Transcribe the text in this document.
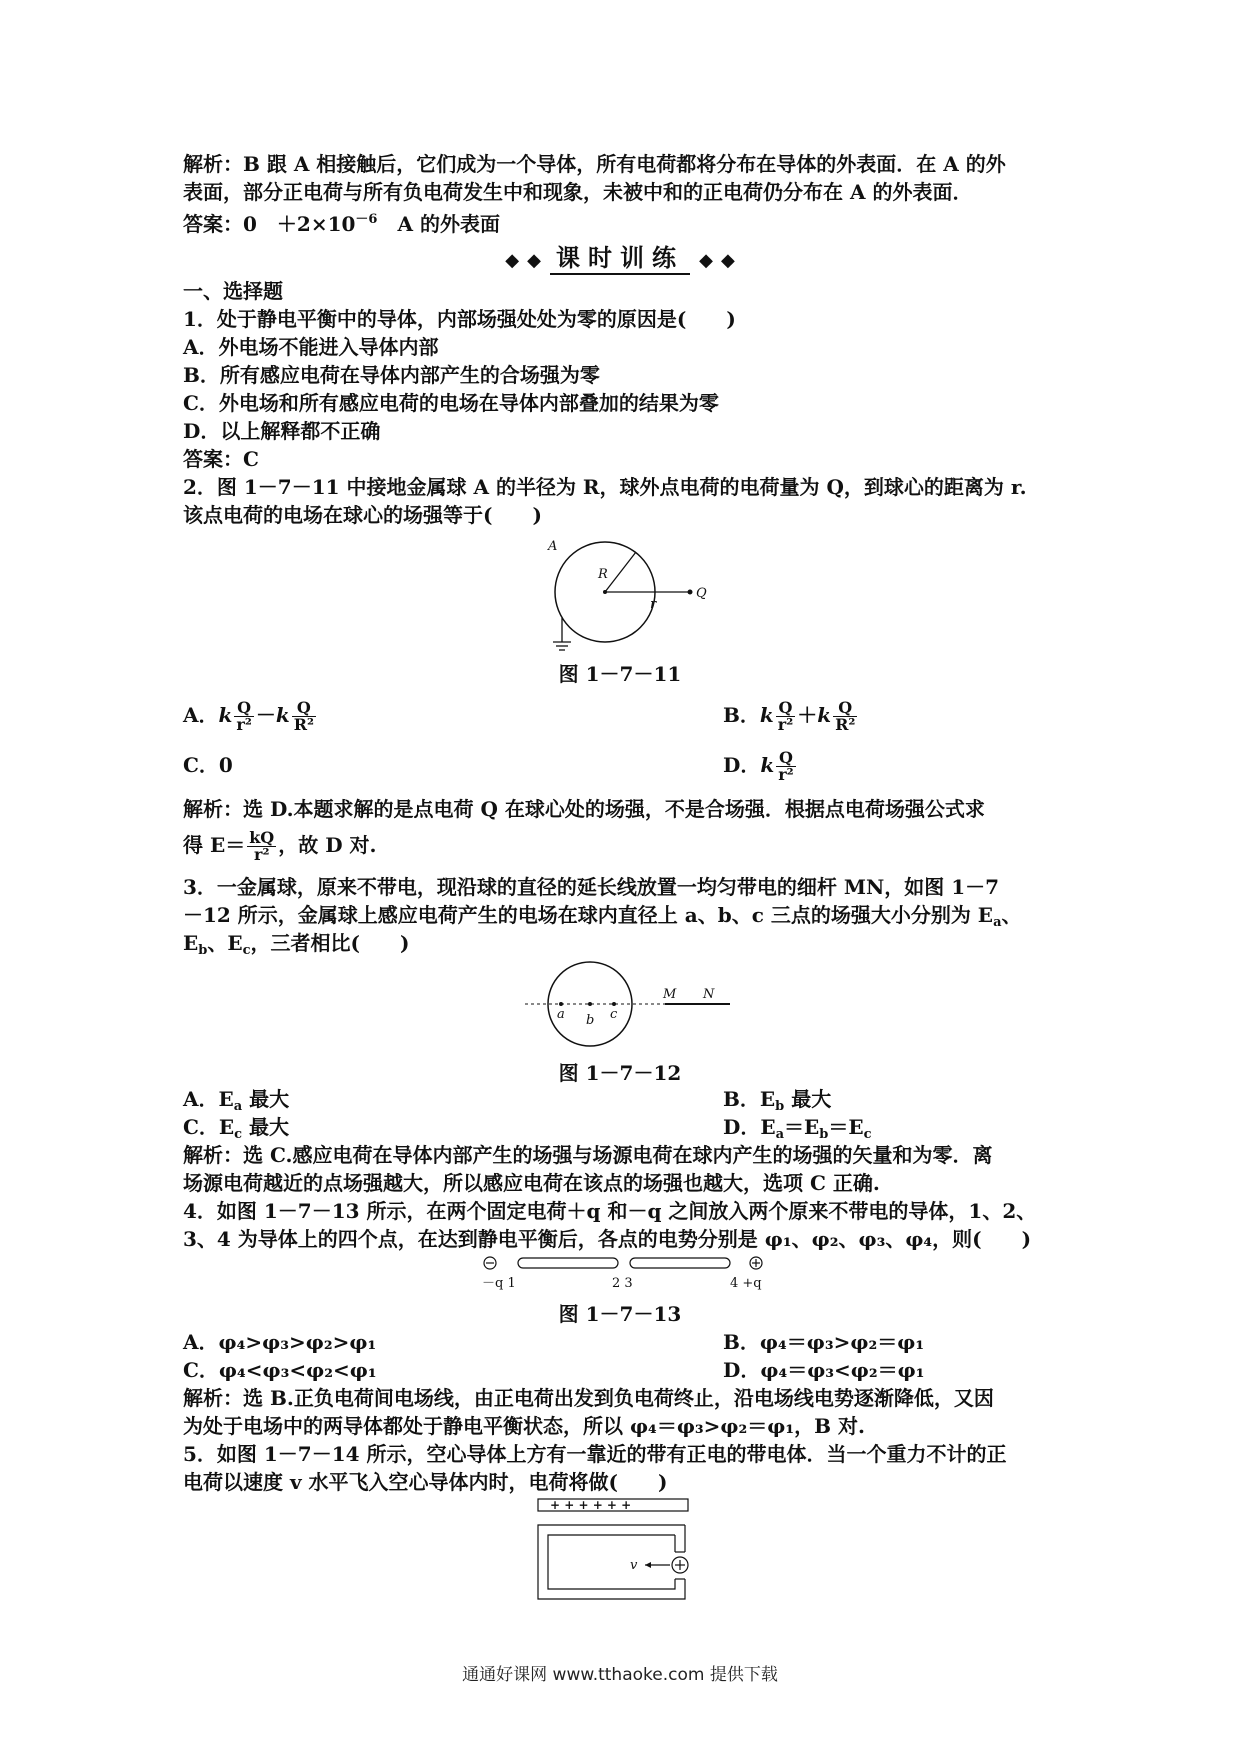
解析：B 跟 A 相接触后，它们成为一个导体，所有电荷都将分布在导体的外表面．在 A 的外
表面，部分正电荷与所有负电荷发生中和现象，未被中和的正电荷仍分布在 A 的外表面．
答案：0　$+2\times 10^{-6}$　A 的外表面
◆ ◆ 课时训练 ◆ ◆
一、选择题
1．处于静电平衡中的导体，内部场强处处为零的原因是(　　)
A．外电场不能进入导体内部
B．所有感应电荷在导体内部产生的合场强为零
C．外电场和所有感应电荷的电场在导体内部叠加的结果为零
D．以上解释都不正确
答案：C
2．图 1－7－11 中接地金属球 A 的半径为 R，球外点电荷的电荷量为 Q，到球心的距离为 r.
该点电荷的电场在球心的场强等于(　　)
A
R
Q
r
图 1－7－11
A．k $\frac{Q}{\text{r²}} -k \frac{Q}{\text{R²}}$	B．k $\frac{Q}{\text{r²}} +k \frac{Q}{\text{R²}}$
C．0	D．k $\frac{Q}{\text{r²}}$
解析：选 D.本题求解的是点电荷 Q 在球心处的场强，不是合场强．根据点电荷场强公式求
得 $E= \frac{kQ}{\text{r²}}$ ，故 D 对.
3．一金属球，原来不带电，现沿球的直径的延长线放置一均匀带电的细杆 MN，如图 1－7
－12 所示，金属球上感应电荷产生的电场在球内直径上 a、b、c 三点的场强大小分别为 $E_a$、
$E_b$、$E_c$，三者相比(　　)
M N
a b c
图 1－7－12
A．$E_a$ 最大	B．$E_b$ 最大
C．$E_c$ 最大	D．$E_a=E_b=E_c$
解析：选 C.感应电荷在导体内部产生的场强与场源电荷在球内产生的场强的矢量和为零．离
场源电荷越近的点场强越大，所以感应电荷在该点的场强也越大，选项 C 正确.
4．如图 1－7－13 所示，在两个固定电荷＋q 和－q 之间放入两个原来不带电的导体，1、2、
3、4 为导体上的四个点，在达到静电平衡后，各点的电势分别是 φ₁、φ₂、φ₃、φ₄，则(　　)
－q 1	2 3	4 +q
图 1－7－13
A．φ₄>φ₃>φ₂>φ₁	B．φ₄＝φ₃>φ₂＝φ₁
C．φ₄<φ₃<φ₂<φ₁	D．φ₄＝φ₃<φ₂＝φ₁
解析：选 B.正负电荷间电场线，由正电荷出发到负电荷终止，沿电场线电势逐渐降低，又因
为处于电场中的两导体都处于静电平衡状态，所以 φ₄＝φ₃>φ₂＝φ₁，B 对.
5．如图 1－7－14 所示，空心导体上方有一靠近的带有正电的带电体．当一个重力不计的正
电荷以速度 v 水平飞入空心导体内时，电荷将做(　　)
+ + + + + +
v
通通好课网 www.tthaoke.com 提供下载
